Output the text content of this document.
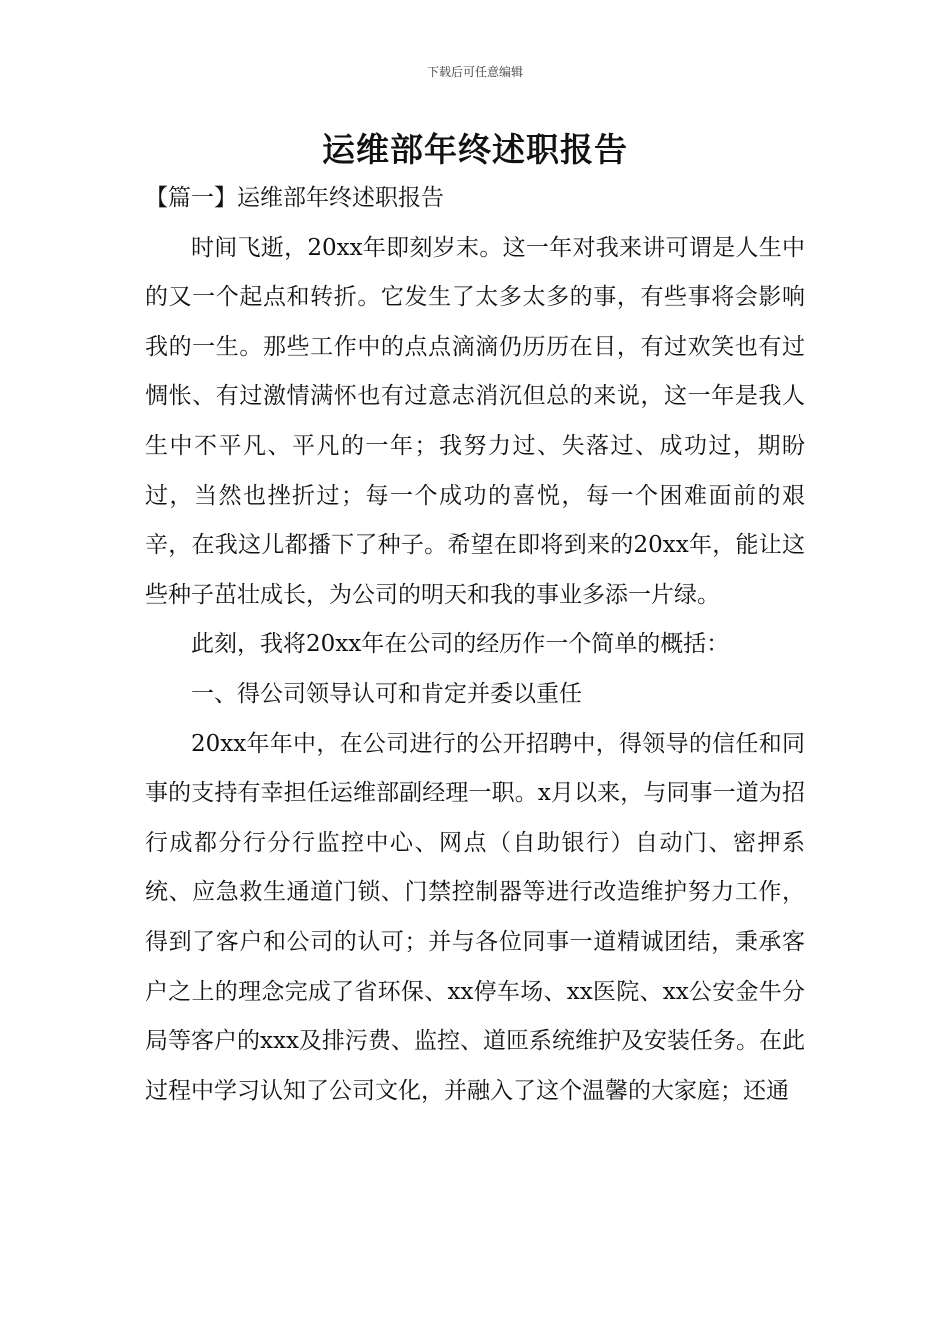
下载后可任意编辑
运维部年终述职报告

【篇一】运维部年终述职报告

时间飞逝，20xx年即刻岁末。这一年对我来讲可谓是人生中的又一个起点和转折。它发生了太多太多的事，有些事将会影响我的一生。那些工作中的点点滴滴仍历历在目，有过欢笑也有过惆怅、有过激情满怀也有过意志消沉但总的来说，这一年是我人生中不平凡、平凡的一年；我努力过、失落过、成功过，期盼过，当然也挫折过；每一个成功的喜悦，每一个困难面前的艰辛，在我这儿都播下了种子。希望在即将到来的20xx年，能让这些种子茁壮成长，为公司的明天和我的事业多添一片绿。

此刻，我将20xx年在公司的经历作一个简单的概括：

一、得公司领导认可和肯定并委以重任

20xx年年中，在公司进行的公开招聘中，得领导的信任和同事的支持有幸担任运维部副经理一职。x月以来，与同事一道为招行成都分行分行监控中心、网点（自助银行）自动门、密押系统、应急救生通道门锁、门禁控制器等进行改造维护努力工作，得到了客户和公司的认可；并与各位同事一道精诚团结，秉承客户之上的理念完成了省环保、xx停车场、xx医院、xx公安金牛分局等客户的xxx及排污费、监控、道匝系统维护及安装任务。在此过程中学习认知了公司文化，并融入了这个温馨的大家庭；还通
